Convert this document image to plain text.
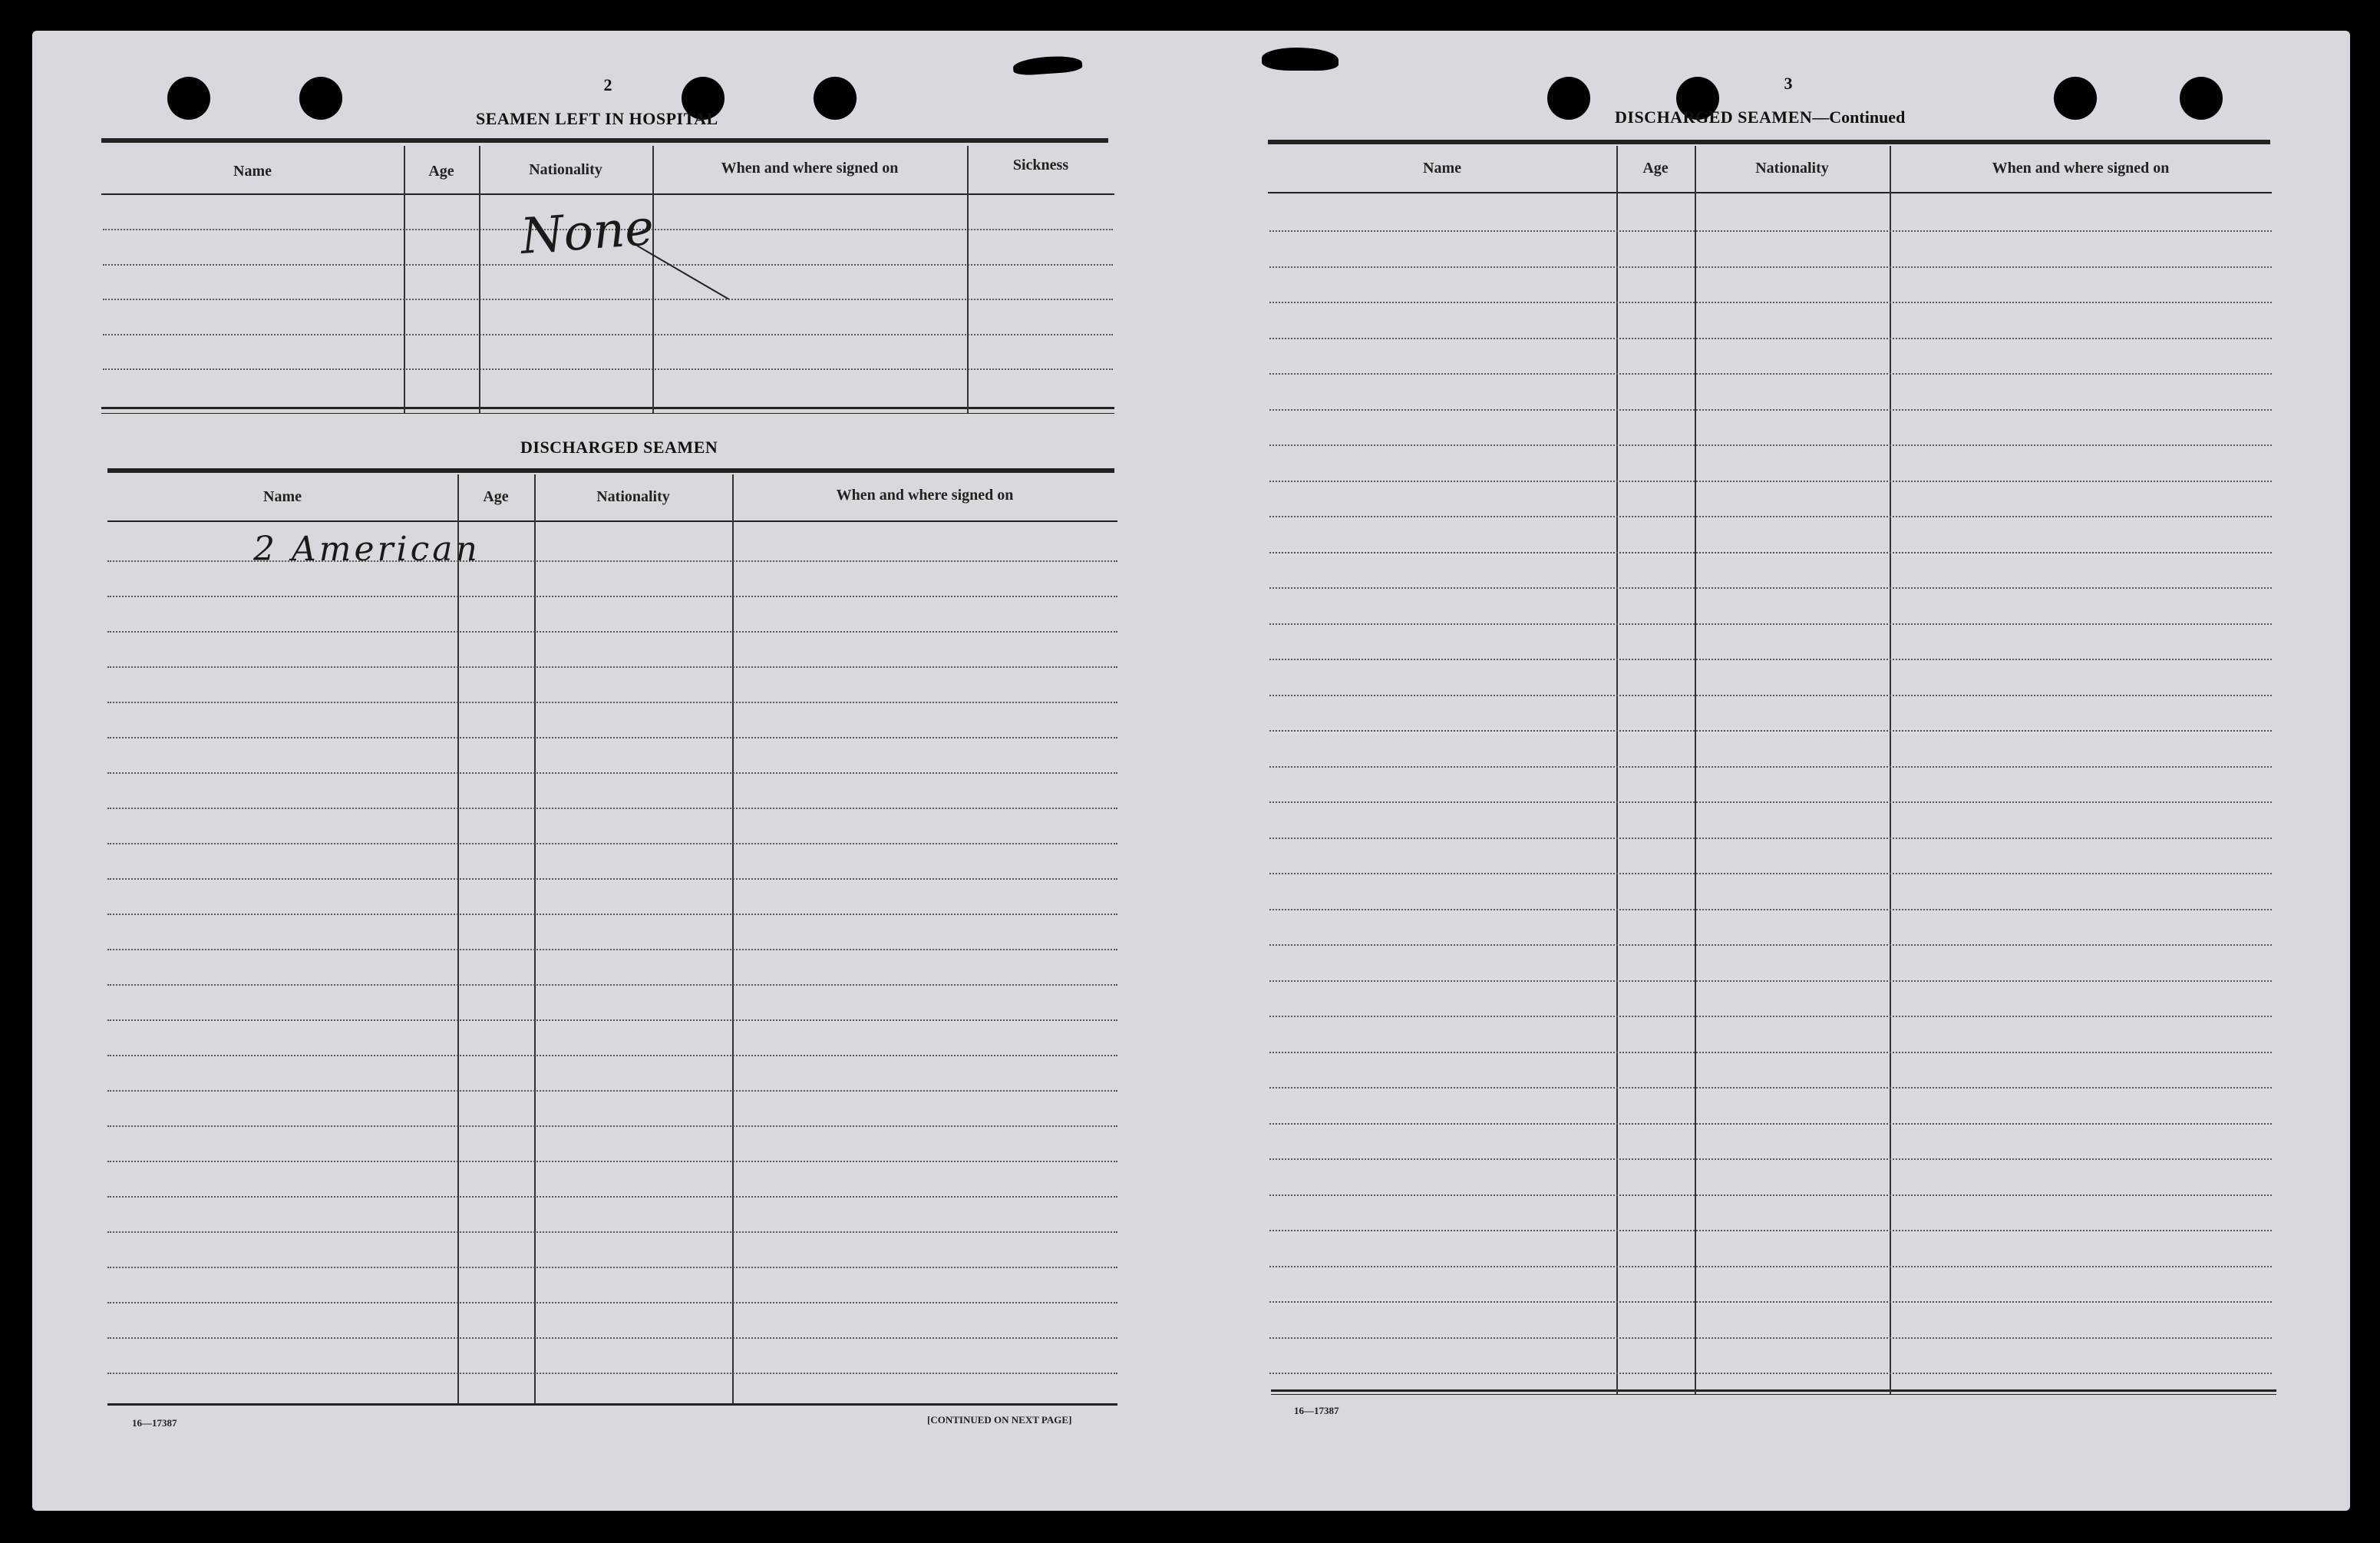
2
SEAMEN LEFT IN HOSPITAL
Name	Age	Nationality	When and where signed on	Sickness
None
DISCHARGED SEAMEN
Name	Age	Nationality	When and where signed on
2 American
16—17387	[CONTINUED ON NEXT PAGE]
3
DISCHARGED SEAMEN—Continued
Name	Age	Nationality	When and where signed on
16—17387
